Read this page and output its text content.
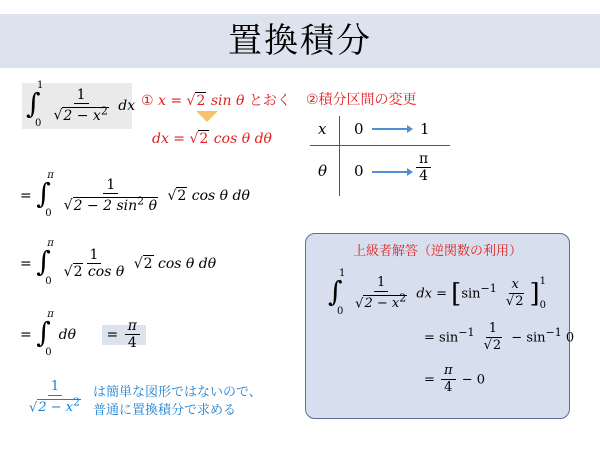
置換積分
∫
1
0
$\frac{1}{√2 - x^2}$ dx ① x = √2 sin θ とおく
dx = √2 cos θ dθ
②積分区間の変更
x 0	1
θ 0	$\frac{\pi}{4}$
= ∫
π
0
$\frac{1}{√2 - 2 \sin^2 \theta} √2$ cos θ dθ
= ∫
π
0

$\frac{1}{\text{√2 cos θ}} √2$ cos θ dθ
= ∫
π
0
$d\theta = \frac{\pi}{4}$
$\frac{1}{√2 - x^2}$ は簡単な図形ではないので、
普通に置換積分で求める
上級者解答（逆関数の利用）
∫
1
0
$\frac{1}{√2 - x^2}$ dx = [$\sin^{-1} \frac{x}{√2}$ ] 1
0
= $\sin^{-1} \frac{1}{√2} - \sin^{-1} 0$
= $\frac{\pi}{4} - 0$
